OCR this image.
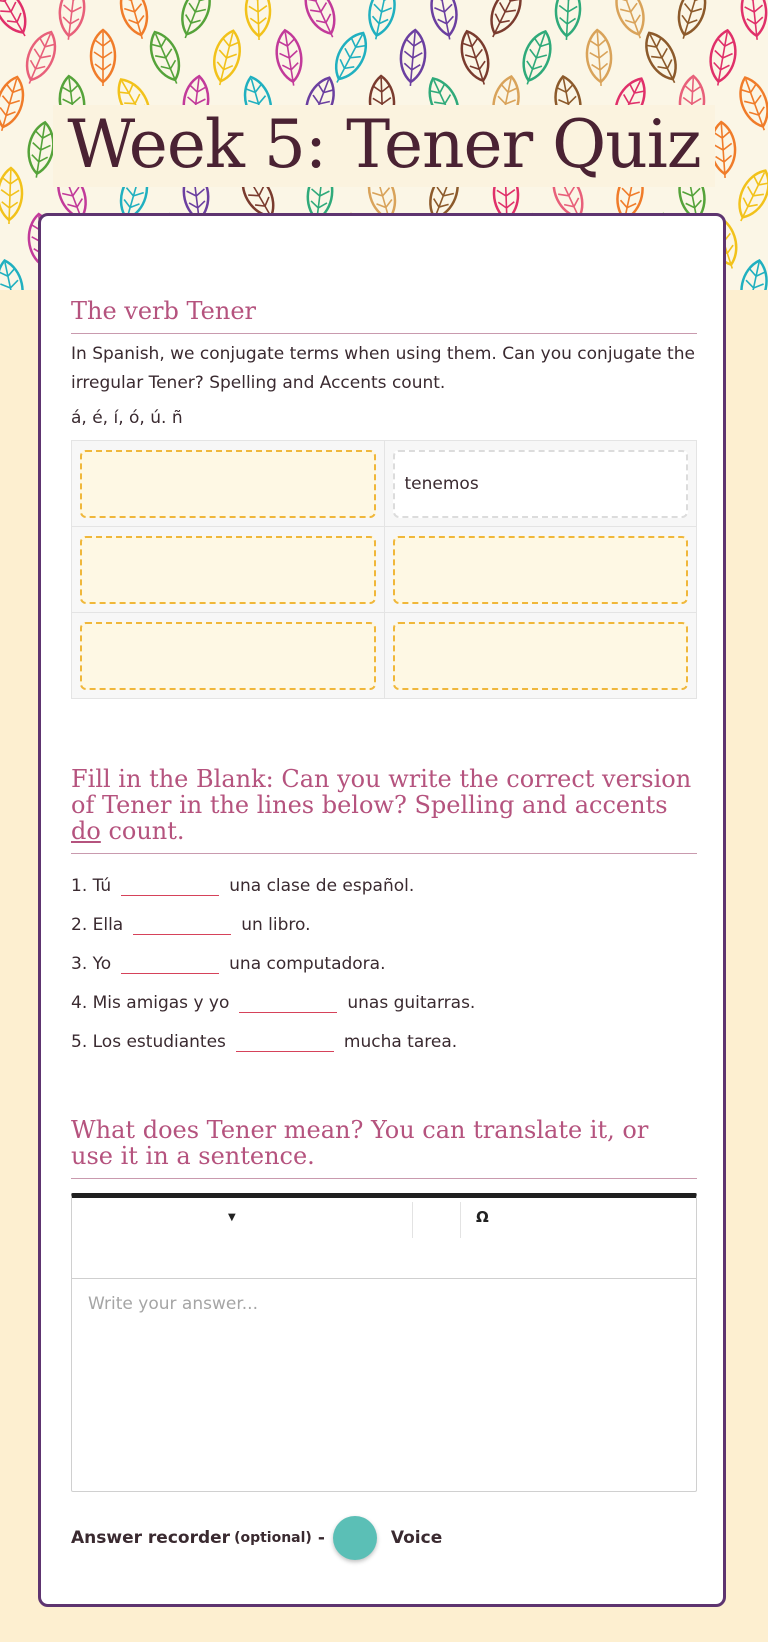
Week 5: Tener Quiz
The verb Tener
In Spanish, we conjugate terms when using them. Can you conjugate the irregular Tener? Spelling and Accents count.
á, é, í, ó, ú. ñ

tenemos

Fill in the Blank: Can you write the correct version of Tener in the lines below? Spelling and accents do count.
1. Tú	una clase de español.
2. Ella	un libro.
3. Yo	una computadora.
4. Mis amigas y yo	unas guitarras.
5. Los estudiantes	mucha tarea.
What does Tener mean? You can translate it, or use it in a sentence.
▼	Ω
Write your answer...
Answer recorder (optional) -	Voice
